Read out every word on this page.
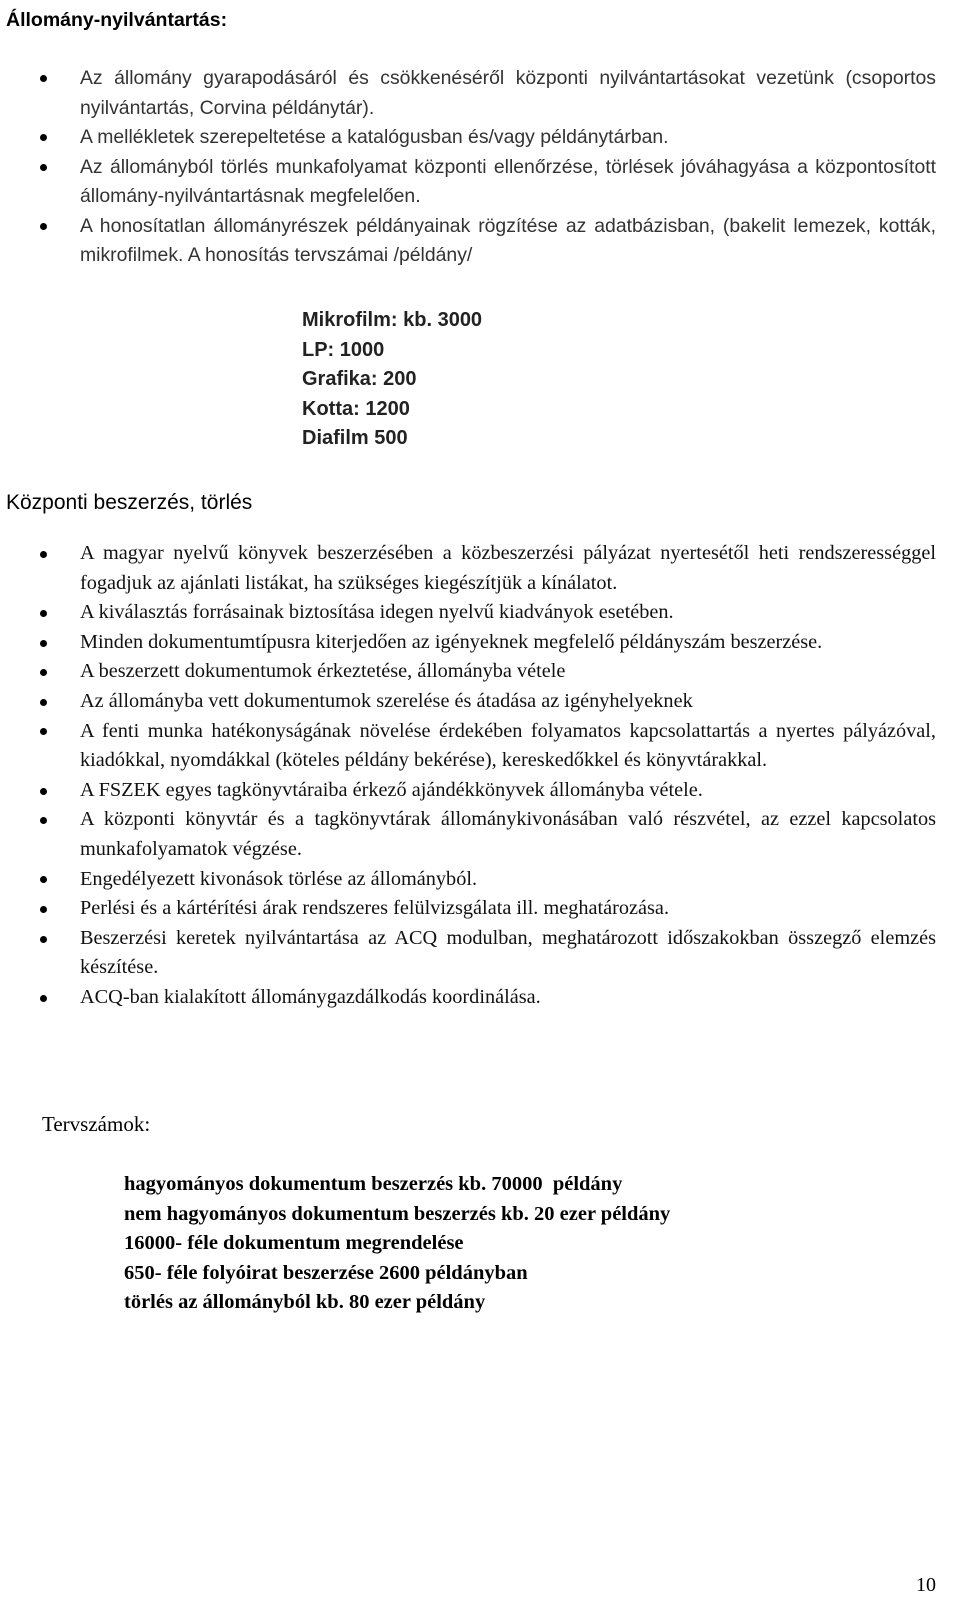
Állomány-nyilvántartás:
Az állomány gyarapodásáról és csökkenéséről központi nyilvántartásokat vezetünk (csoportos nyilvántartás, Corvina példánytár).
A mellékletek szerepeltetése a katalógusban és/vagy példánytárban.
Az állományból törlés munkafolyamat központi ellenőrzése, törlések jóváhagyása a központosított állomány-nyilvántartásnak megfelelően.
A honosítatlan állományrészek példányainak rögzítése az adatbázisban, (bakelit lemezek, kották, mikrofilmek. A honosítás tervszámai /példány/
Mikrofilm: kb. 3000
LP: 1000
Grafika: 200
Kotta: 1200
Diafilm 500
Központi beszerzés, törlés
A magyar nyelvű könyvek beszerzésében a közbeszerzési pályázat nyertesétől heti rendszerességgel fogadjuk az ajánlati listákat, ha szükséges kiegészítjük a kínálatot.
A kiválasztás forrásainak biztosítása idegen nyelvű kiadványok esetében.
Minden dokumentumtípusra kiterjedően az igényeknek megfelelő példányszám beszerzése.
A beszerzett dokumentumok érkeztetése, állományba vétele
Az állományba vett dokumentumok szerelése és átadása az igényhelyeknek
A fenti munka hatékonyságának növelése érdekében folyamatos kapcsolattartás a nyertes pályázóval, kiadókkal, nyomdákkal (köteles példány bekérése), kereskedőkkel és könyvtárakkal.
A FSZEK egyes tagkönyvtáraiba érkező ajándékkönyvek állományba vétele.
A központi könyvtár és a tagkönyvtárak állománykivonásában való részvétel, az ezzel kapcsolatos munkafolyamatok végzése.
Engedélyezett kivonások törlése az állományból.
Perlési és a kártérítési árak rendszeres felülvizsgálata ill. meghatározása.
Beszerzési keretek nyilvántartása az ACQ modulban, meghatározott időszakokban összegző elemzés készítése.
ACQ-ban kialakított állománygazdálkodás koordinálása.
Tervszámok:
hagyományos dokumentum beszerzés kb. 70000  példány
nem hagyományos dokumentum beszerzés kb. 20 ezer példány
16000- féle dokumentum megrendelése
650- féle folyóirat beszerzése 2600 példányban
törlés az állományból kb. 80 ezer példány
10
